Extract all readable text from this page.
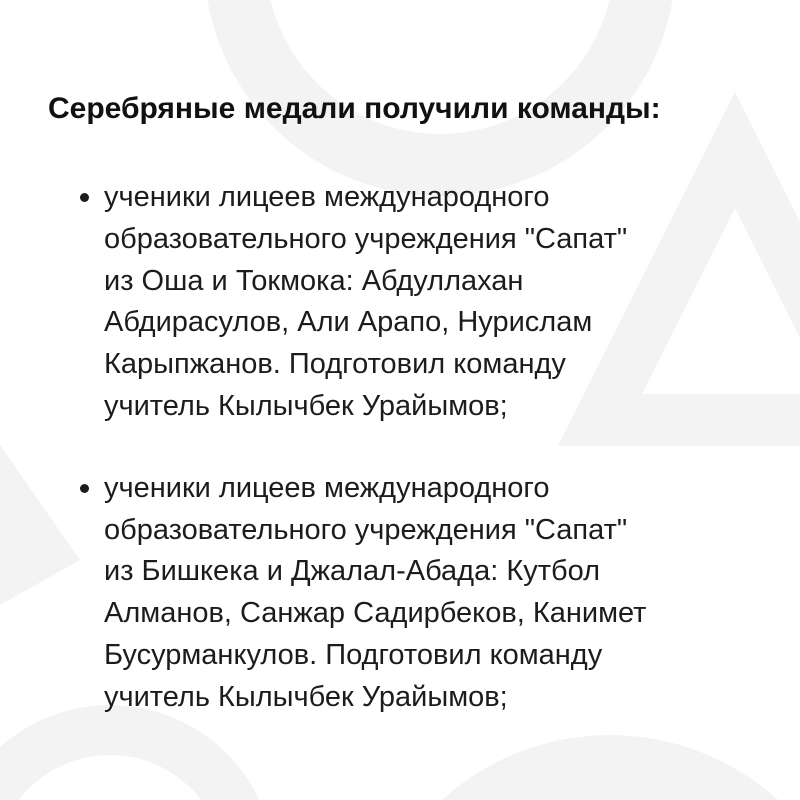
Серебряные медали получили команды:
ученики лицеев международного
образовательного учреждения "Сапат"
из Оша и Токмока: Абдуллахан
Абдирасулов, Али Арапо, Нурислам
Карыпжанов. Подготовил команду
учитель Кылычбек Урайымов;
ученики лицеев международного
образовательного учреждения "Сапат"
из Бишкека и Джалал-Абада: Кутбол
Алманов, Санжар Садирбеков, Канимет
Бусурманкулов. Подготовил команду
учитель Кылычбек Урайымов;
